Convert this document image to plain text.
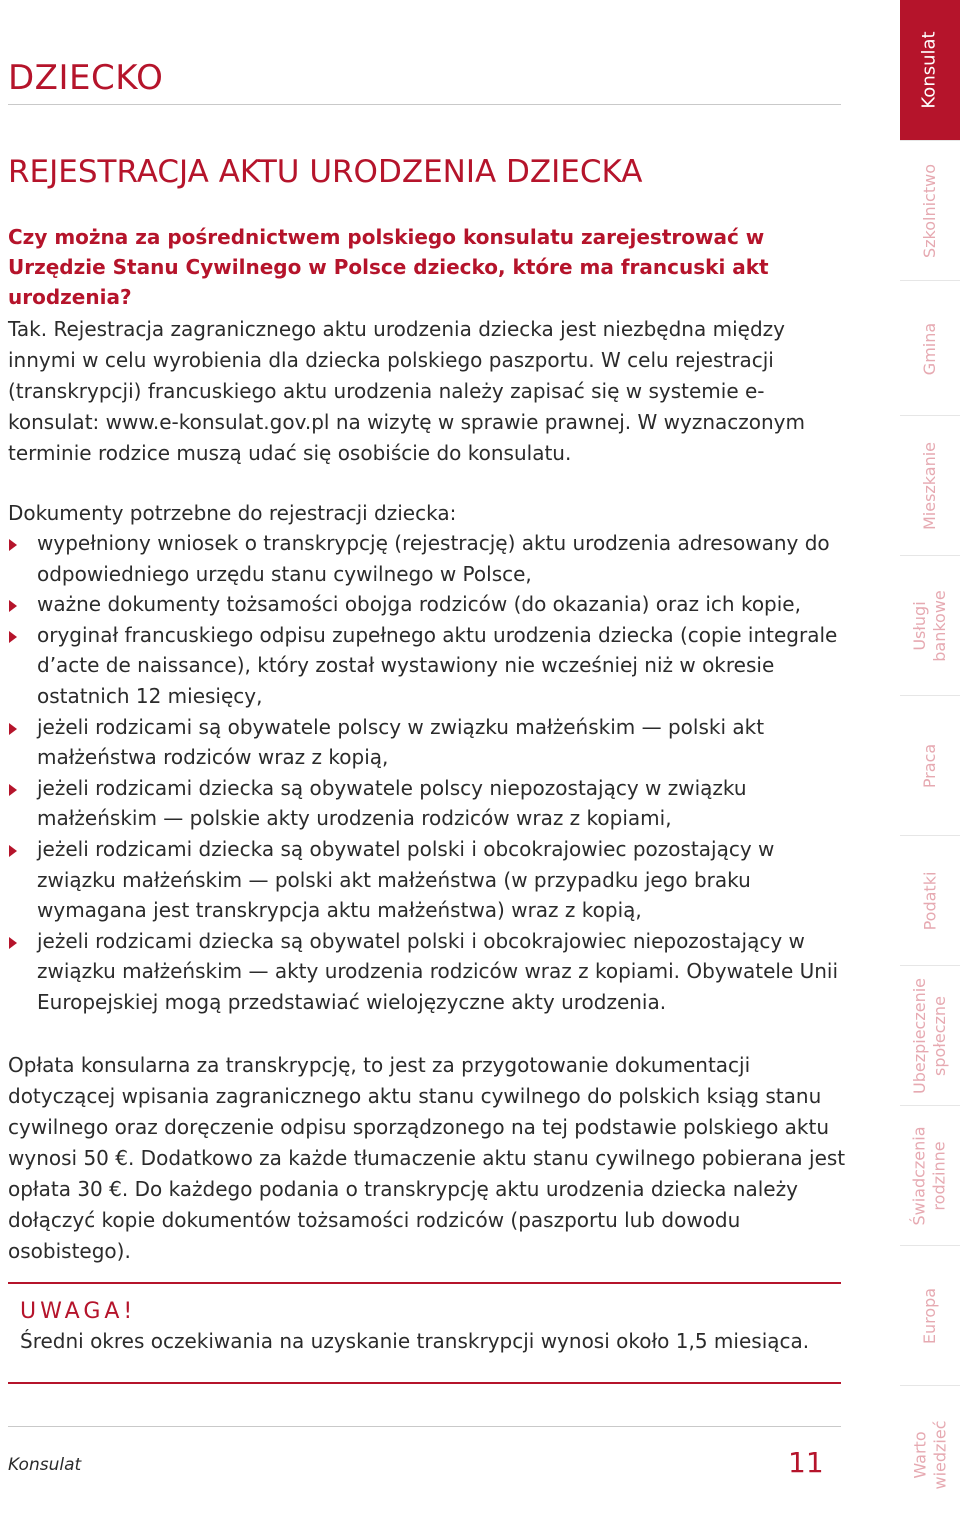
DZIECKO
REJESTRACJA AKTU URODZENIA DZIECKA
Czy można za pośrednictwem polskiego konsulatu zarejestrować w Urzędzie Stanu Cywilnego w Polsce dziecko, które ma francuski akt urodzenia?
Tak. Rejestracja zagranicznego aktu urodzenia dziecka jest niezbędna między innymi w celu wyrobienia dla dziecka polskiego paszportu. W celu rejestracji (transkrypcji) francuskiego aktu urodzenia należy zapisać się w systemie e-konsulat: www.e-konsulat.gov.pl na wizytę w sprawie prawnej. W wyznaczonym terminie rodzice muszą udać się osobiście do konsulatu.
Dokumenty potrzebne do rejestracji dziecka:
wypełniony wniosek o transkrypcję (rejestrację) aktu urodzenia adresowany do odpowiedniego urzędu stanu cywilnego w Polsce,
ważne dokumenty tożsamości obojga rodziców (do okazania) oraz ich kopie,
oryginał francuskiego odpisu zupełnego aktu urodzenia dziecka (copie integrale d’acte de naissance), który został wystawiony nie wcześniej niż w okresie ostatnich 12 miesięcy,
jeżeli rodzicami są obywatele polscy w związku małżeńskim — polski akt małżeństwa rodziców wraz z kopią,
jeżeli rodzicami dziecka są obywatele polscy niepozostający w związku małżeńskim — polskie akty urodzenia rodziców wraz z kopiami,
jeżeli rodzicami dziecka są obywatel polski i obcokrajowiec pozostający w związku małżeńskim — polski akt małżeństwa (w przypadku jego braku wymagana jest transkrypcja aktu małżeństwa) wraz z kopią,
jeżeli rodzicami dziecka są obywatel polski i obcokrajowiec niepozostający w związku małżeńskim — akty urodzenia rodziców wraz z kopiami. Obywatele Unii Europejskiej mogą przedstawiać wielojęzyczne akty urodzenia.
Opłata konsularna za transkrypcję, to jest za przygotowanie dokumentacji dotyczącej wpisania zagranicznego aktu stanu cywilnego do polskich ksiąg stanu cywilnego oraz doręczenie odpisu sporządzonego na tej podstawie polskiego aktu wynosi 50 €. Dodatkowo za każde tłumaczenie aktu stanu cywilnego pobierana jest opłata 30 €. Do każdego podania o transkrypcję aktu urodzenia dziecka należy dołączyć kopie dokumentów tożsamości rodziców (paszportu lub dowodu osobistego).
UWAGA!
Średni okres oczekiwania na uzyskanie transkrypcji wynosi około 1,5 miesiąca.
Konsulat	11
Konsulat
Szkolnictwo
Gmina
Mieszkanie
Usługi bankowe
Praca
Podatki
Ubezpieczenie społeczne
Świadczenia rodzinne
Europa
Warto wiedzieć
